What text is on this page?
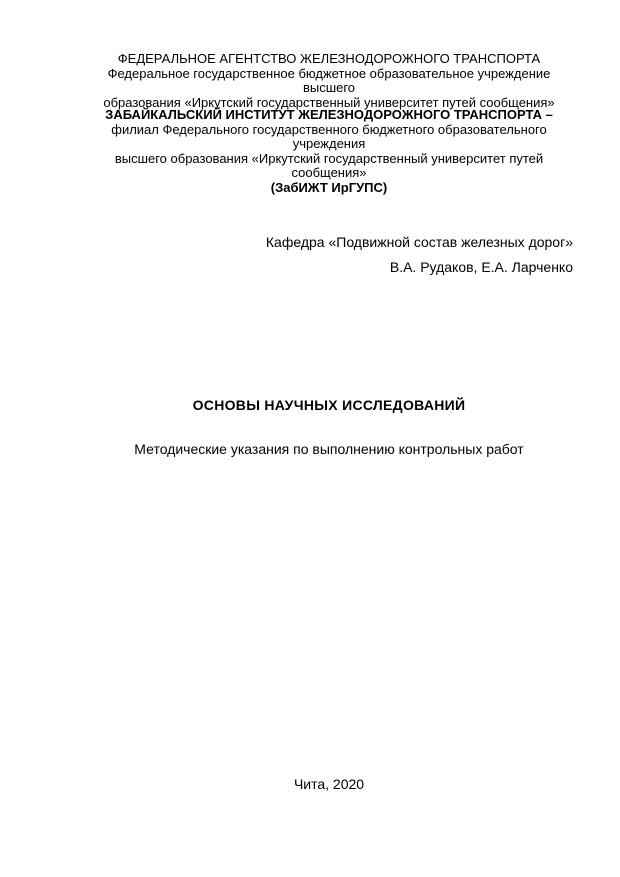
ФЕДЕРАЛЬНОЕ АГЕНТСТВО ЖЕЛЕЗНОДОРОЖНОГО ТРАНСПОРТА
Федеральное государственное бюджетное образовательное учреждение высшего
образования «Иркутский государственный университет путей сообщения»
ЗАБАЙКАЛЬСКИЙ ИНСТИТУТ ЖЕЛЕЗНОДОРОЖНОГО ТРАНСПОРТА –
филиал Федерального государственного бюджетного образовательного учреждения
высшего образования «Иркутский государственный университет путей сообщения»
(ЗабИЖТ ИрГУПС)
Кафедра «Подвижной состав железных дорог»
В.А. Рудаков, Е.А. Ларченко
ОСНОВЫ НАУЧНЫХ ИССЛЕДОВАНИЙ
Методические указания по выполнению контрольных работ
Чита, 2020
